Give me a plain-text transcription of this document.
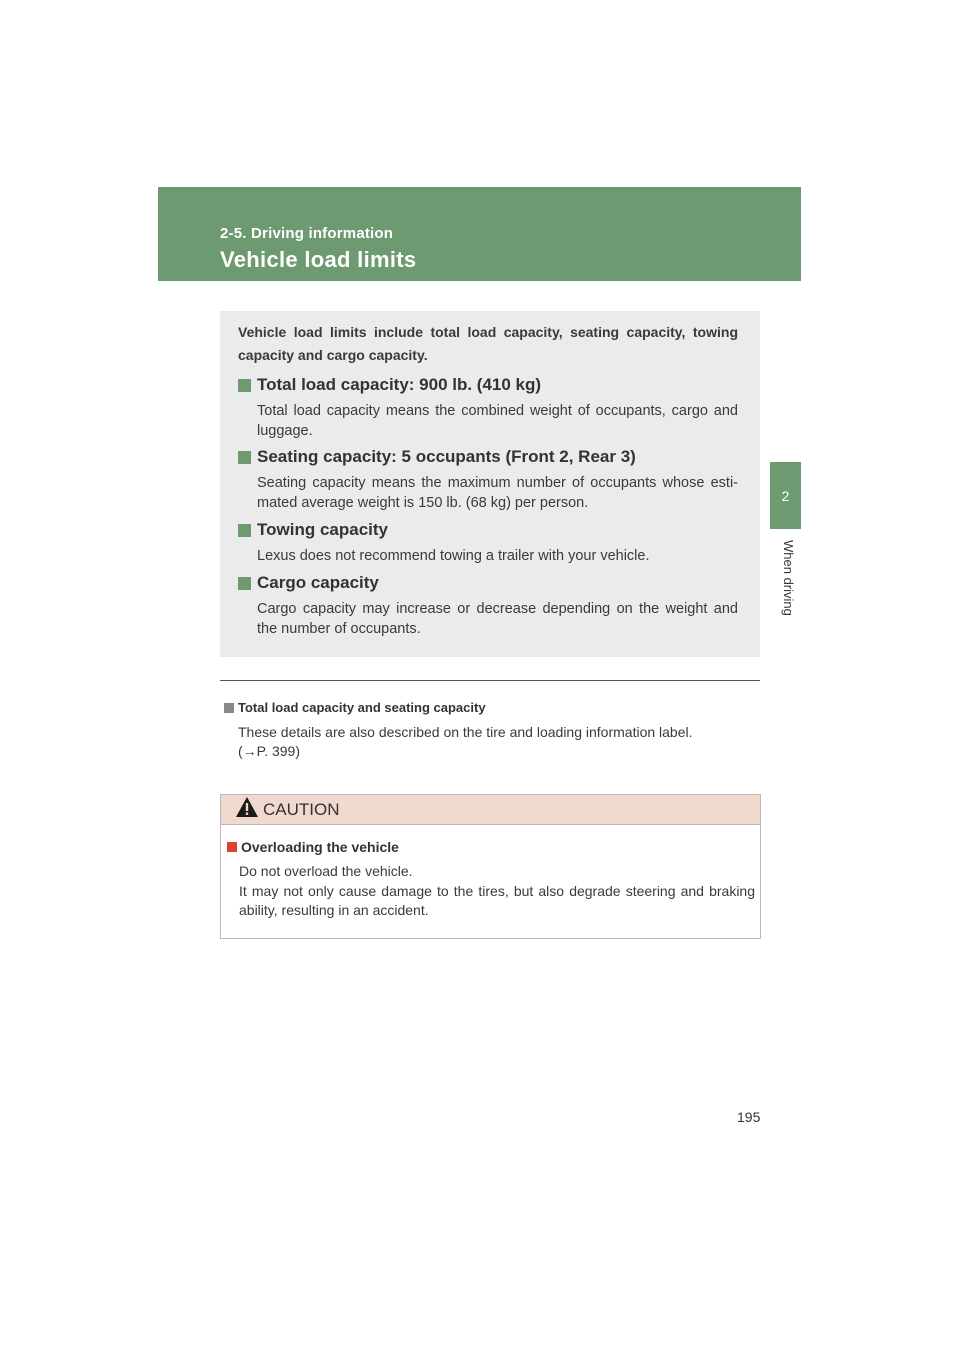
2-5. Driving information
Vehicle load limits
2
When driving
Vehicle load limits include total load capacity, seating capacity, towing capacity and cargo capacity.
Total load capacity: 900 lb. (410 kg)
Total load capacity means the combined weight of occupants, cargo and luggage.
Seating capacity: 5 occupants (Front 2, Rear 3)
Seating capacity means the maximum number of occupants whose esti-mated average weight is 150 lb. (68 kg) per person.
Towing capacity
Lexus does not recommend towing a trailer with your vehicle.
Cargo capacity
Cargo capacity may increase or decrease depending on the weight and the number of occupants.
Total load capacity and seating capacity
These details are also described on the tire and loading information label.
(→P. 399)
CAUTION
Overloading the vehicle
Do not overload the vehicle.
It may not only cause damage to the tires, but also degrade steering and braking ability, resulting in an accident.
195
